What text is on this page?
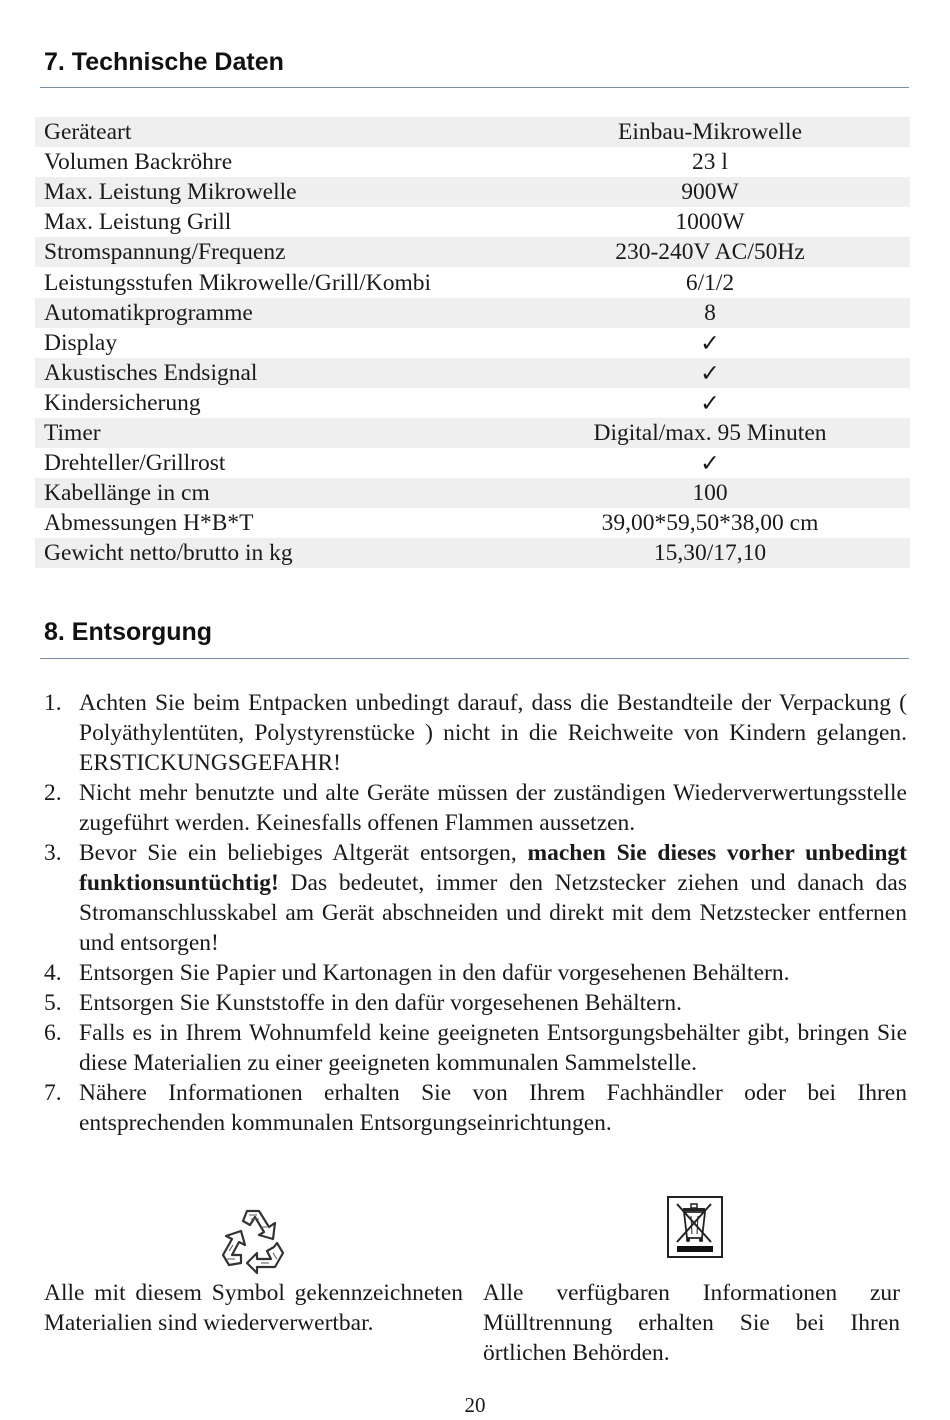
7. Technische Daten
Geräteart	Einbau-Mikrowelle
Volumen Backröhre	23 l
Max. Leistung Mikrowelle	900W
Max. Leistung Grill	1000W
Stromspannung/Frequenz	230-240V AC/50Hz
Leistungsstufen Mikrowelle/Grill/Kombi	6/1/2
Automatikprogramme	8
Display	✓
Akustisches Endsignal	✓
Kindersicherung	✓
Timer	Digital/max. 95 Minuten
Drehteller/Grillrost	✓
Kabellänge in cm	100
Abmessungen H*B*T	39,00*59,50*38,00 cm
Gewicht netto/brutto in kg	15,30/17,10
8. Entsorgung
1. Achten Sie beim Entpacken unbedingt darauf, dass die Bestandteile der Verpackung ( Polyäthylentüten, Polystyrenstücke ) nicht in die Reichweite von Kindern gelangen. ERSTICKUNGSGEFAHR!
2. Nicht mehr benutzte und alte Geräte müssen der zuständigen Wiederverwertungsstelle zugeführt werden. Keinesfalls offenen Flammen aussetzen.
3. Bevor Sie ein beliebiges Altgerät entsorgen, machen Sie dieses vorher unbedingt funktionsuntüchtig! Das bedeutet, immer den Netzstecker ziehen und danach das Stromanschlusskabel am Gerät abschneiden und direkt mit dem Netzstecker entfernen und entsorgen!
4. Entsorgen Sie Papier und Kartonagen in den dafür vorgesehenen Behältern.
5. Entsorgen Sie Kunststoffe in den dafür vorgesehenen Behältern.
6. Falls es in Ihrem Wohnumfeld keine geeigneten Entsorgungsbehälter gibt, bringen Sie diese Materialien zu einer geeigneten kommunalen Sammelstelle.
7. Nähere Informationen erhalten Sie von Ihrem Fachhändler oder bei Ihren entsprechenden kommunalen Entsorgungseinrichtungen.
Alle mit diesem Symbol gekennzeichneten Materialien sind wiederverwertbar.
Alle verfügbaren Informationen zur Mülltrennung erhalten Sie bei Ihren örtlichen Behörden.
20
